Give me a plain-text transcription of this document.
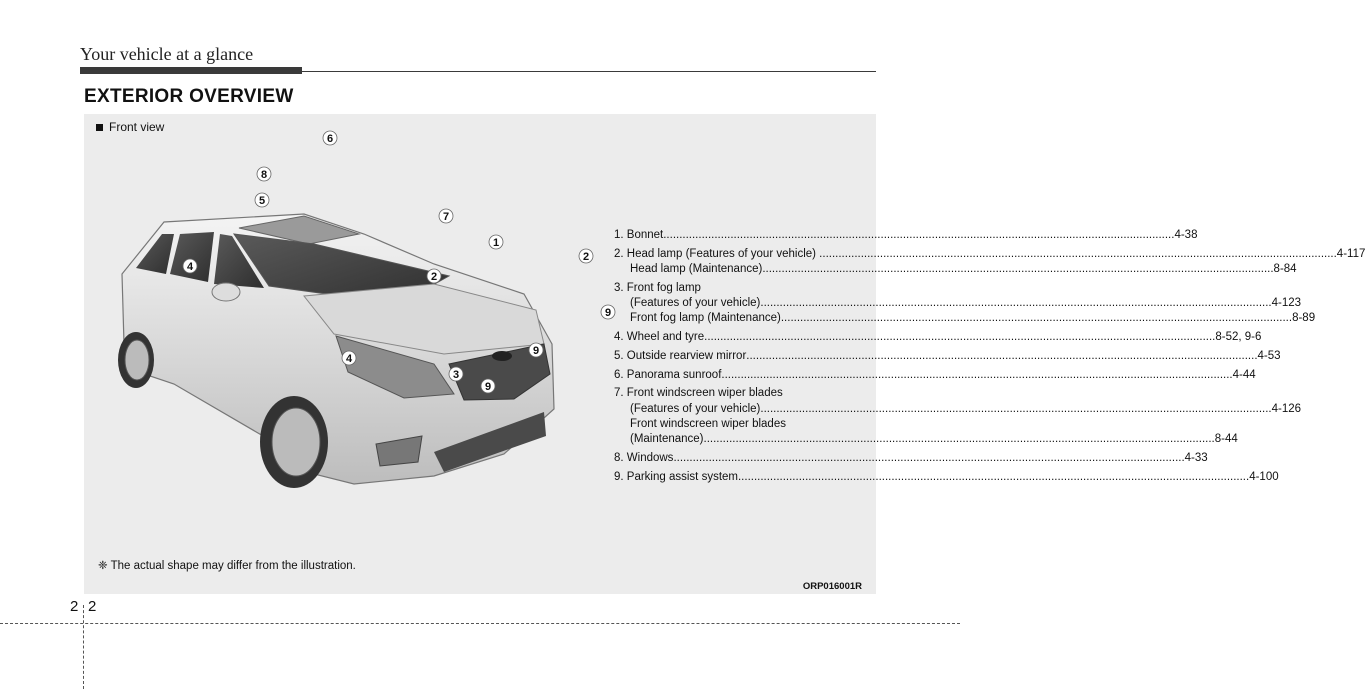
Your vehicle at a glance
EXTERIOR OVERVIEW
Front view
6
8
5
7
1
2
2
4
4
9
9
3
9
1. Bonnet .....	4-38
2. Head lamp (Features of your vehicle) .. .....	4-117
Head lamp (Maintenance) .....	8-84
3. Front fog lamp
(Features of your vehicle) .....	4-123
Front fog lamp (Maintenance) .....	8-89
4. Wheel and tyre .....	8-52, 9-6
5. Outside rearview mirror .....	4-53
6. Panorama sunroof .....	4-44
7. Front windscreen wiper blades
(Features of your vehicle) .....	4-126
Front windscreen wiper blades
(Maintenance) .....	8-44
8. Windows .....	4-33
9. Parking assist system .....	4-100
❈ The actual shape may differ from the illustration.
ORP016001R
2 2
